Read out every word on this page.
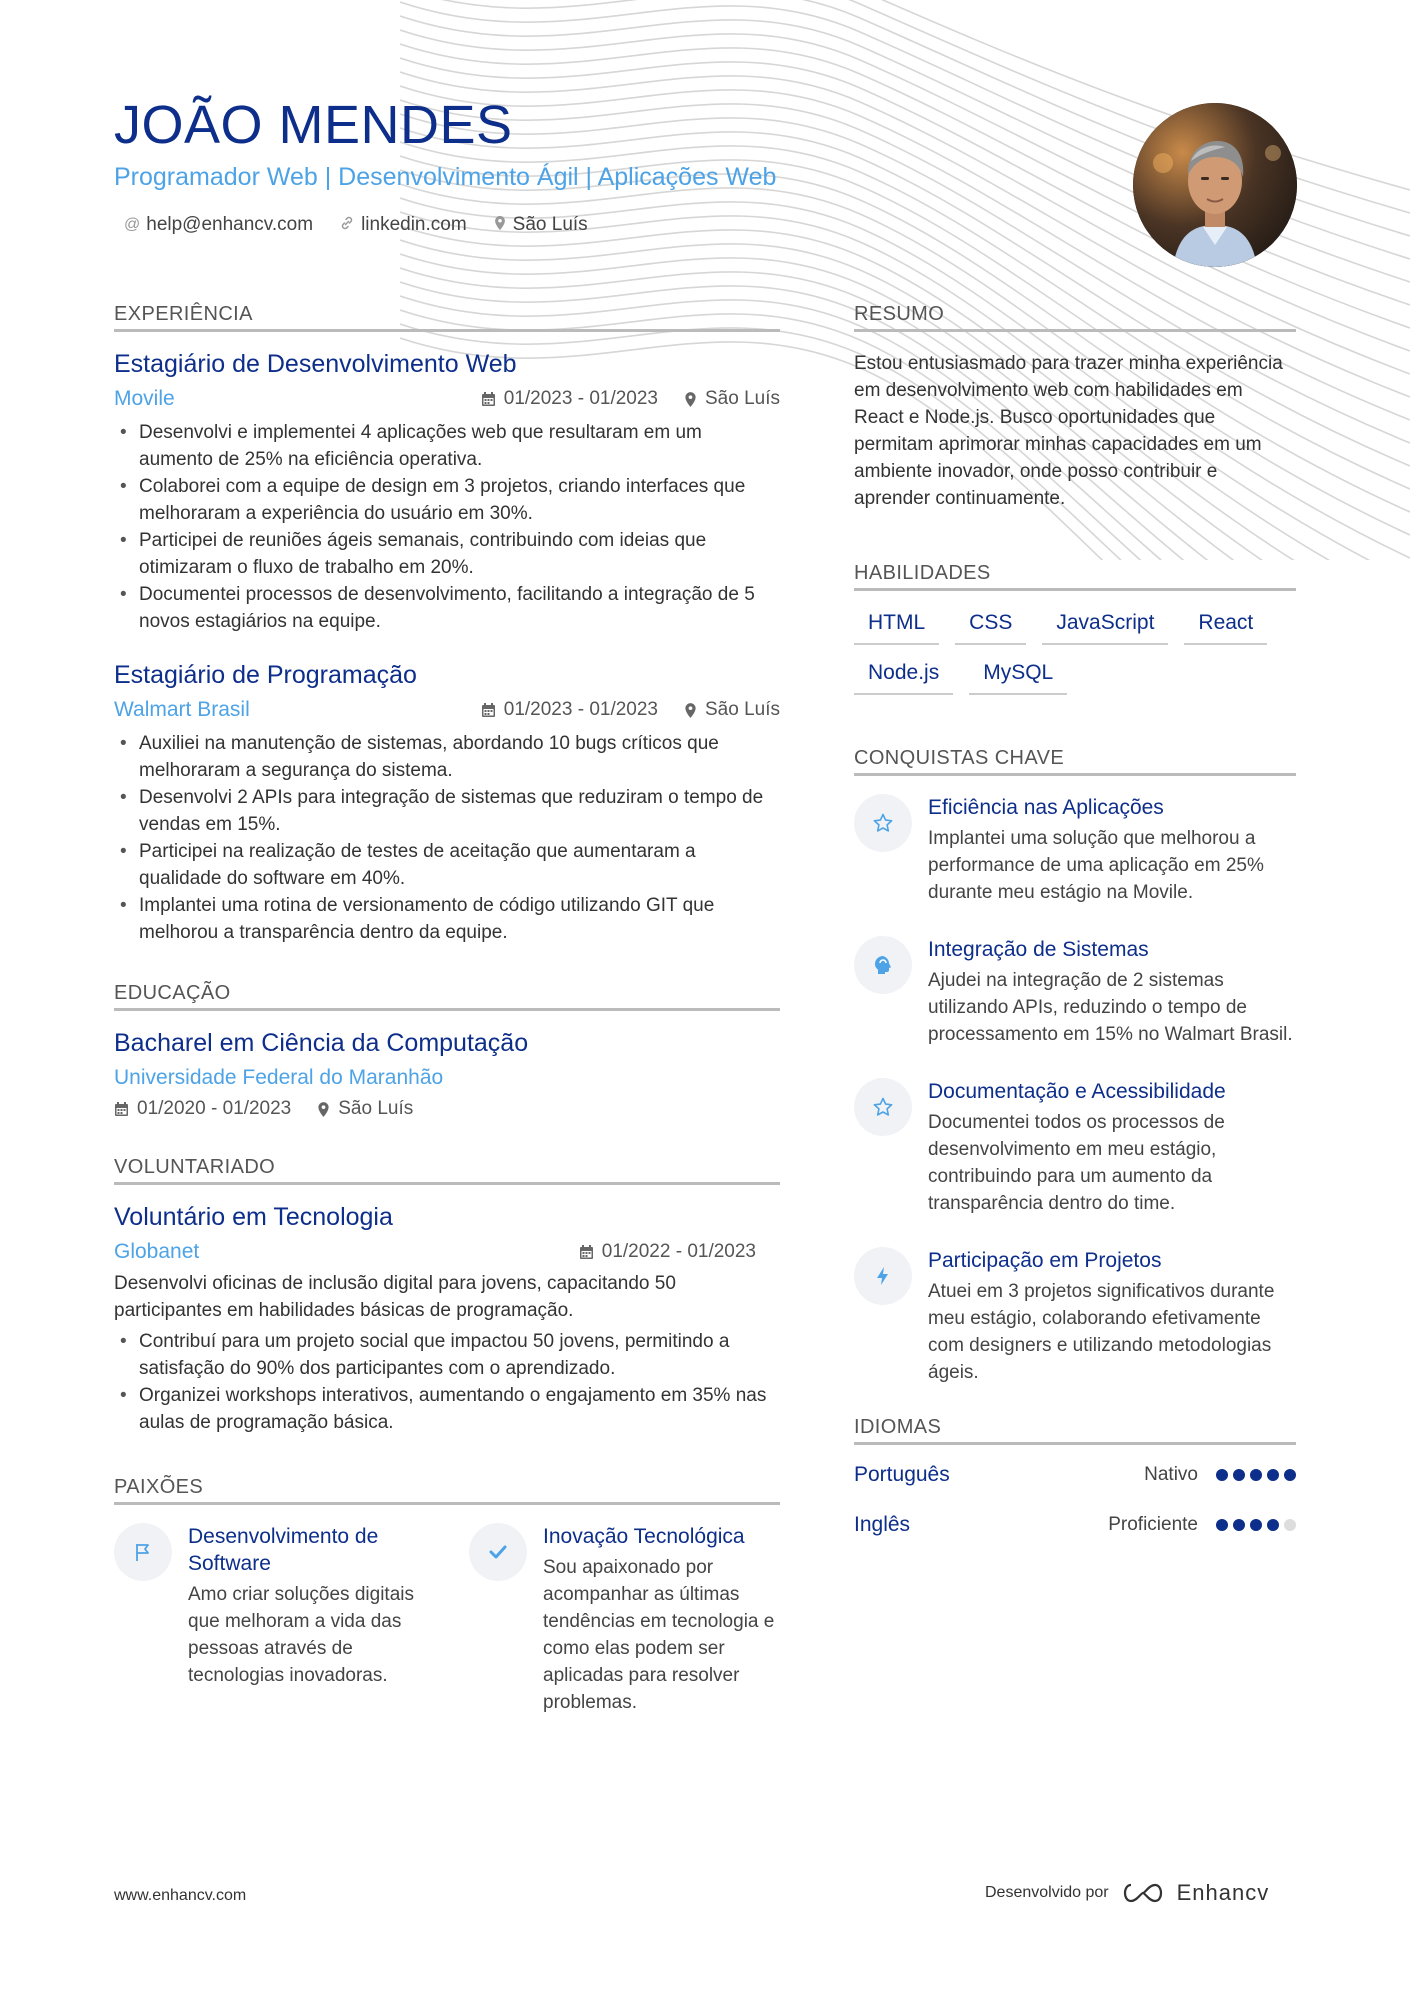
JOÃO MENDES
Programador Web | Desenvolvimento Ágil | Aplicações Web
@ help@enhancv.com	linkedin.com São Luís
EXPERIÊNCIA
Estagiário de Desenvolvimento Web
Movile	01/2023 - 01/2023 São Luís
• Desenvolvi e implementei 4 aplicações web que resultaram em um aumento de 25% na eficiência operativa.
• Colaborei com a equipe de design em 3 projetos, criando interfaces que melhoraram a experiência do usuário em 30%.
• Participei de reuniões ágeis semanais, contribuindo com ideias que otimizaram o fluxo de trabalho em 20%.
• Documentei processos de desenvolvimento, facilitando a integração de 5 novos estagiários na equipe.
Estagiário de Programação
Walmart Brasil	01/2023 - 01/2023 São Luís
• Auxiliei na manutenção de sistemas, abordando 10 bugs críticos que melhoraram a segurança do sistema.
• Desenvolvi 2 APIs para integração de sistemas que reduziram o tempo de vendas em 15%.
• Participei na realização de testes de aceitação que aumentaram a qualidade do software em 40%.
• Implantei uma rotina de versionamento de código utilizando GIT que melhorou a transparência dentro da equipe.
EDUCAÇÃO
Bacharel em Ciência da Computação
Universidade Federal do Maranhão
01/2020 - 01/2023 São Luís
VOLUNTARIADO
Voluntário em Tecnologia
Globanet	01/2022 - 01/2023
Desenvolvi oficinas de inclusão digital para jovens, capacitando 50 participantes em habilidades básicas de programação.
• Contribuí para um projeto social que impactou 50 jovens, permitindo a satisfação do 90% dos participantes com o aprendizado.
• Organizei workshops interativos, aumentando o engajamento em 35% nas aulas de programação básica.
PAIXÕES
Desenvolvimento de Software
Amo criar soluções digitais que melhoram a vida das pessoas através de tecnologias inovadoras.
Inovação Tecnológica
Sou apaixonado por acompanhar as últimas tendências em tecnologia e como elas podem ser aplicadas para resolver problemas.
RESUMO
Estou entusiasmado para trazer minha experiência em desenvolvimento web com habilidades em React e Node.js. Busco oportunidades que permitam aprimorar minhas capacidades em um ambiente inovador, onde posso contribuir e aprender continuamente.
HABILIDADES
HTML	CSS	JavaScript	React
Node.js	MySQL
CONQUISTAS CHAVE
Eficiência nas Aplicações
Implantei uma solução que melhorou a performance de uma aplicação em 25% durante meu estágio na Movile.
Integração de Sistemas
Ajudei na integração de 2 sistemas utilizando APIs, reduzindo o tempo de processamento em 15% no Walmart Brasil.
Documentação e Acessibilidade
Documentei todos os processos de desenvolvimento em meu estágio, contribuindo para um aumento da transparência dentro do time.
Participação em Projetos
Atuei em 3 projetos significativos durante meu estágio, colaborando efetivamente com designers e utilizando metodologias ágeis.
IDIOMAS
Português	Nativo
Inglês	Proficiente
www.enhancv.com	Desenvolvido por	Enhancv
